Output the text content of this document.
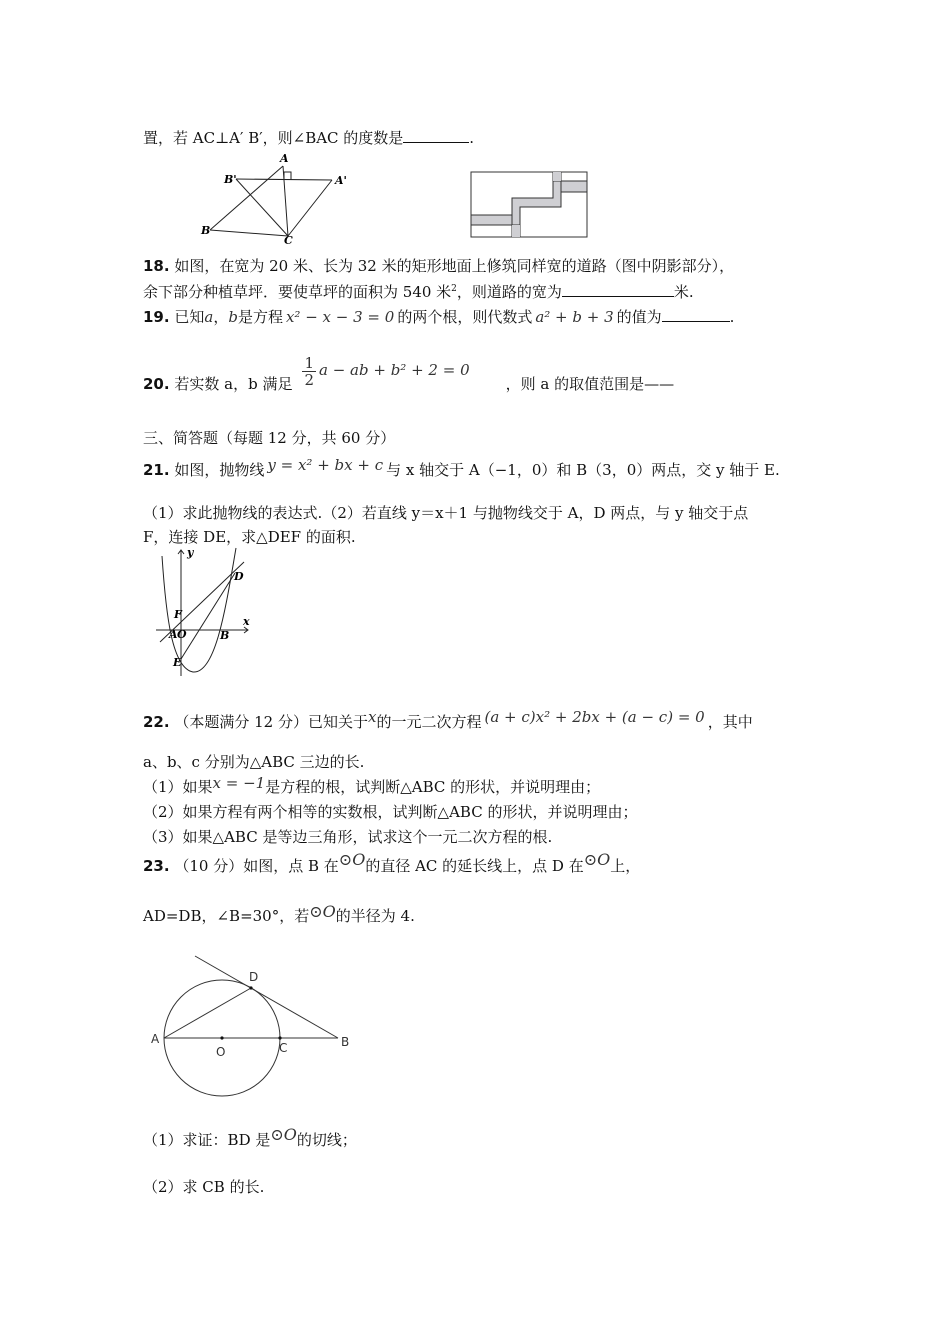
置，若 AC⊥A′ B′，则∠BAC 的度数是	.
A
B'	A'
B
C
18. 如图，在宽为 20 米、长为 32 米的矩形地面上修筑同样宽的道路（图中阴影部分），
余下部分种植草坪．要使草坪的面积为 540 米$^2$，则道路的宽为	米.
19. 已知a，b是方程 x² − x − 3 = 0 的两个根，则代数式 a² + b + 3 的值为	.
20. 若实数 a，b 满足 $\frac{1}{2}$ a − ab + b² + 2 = 0，则 a 的取值范围是——
三、简答题（每题 12 分，共 60 分）
21. 如图，抛物线 y = x² + bx + c 与 x 轴交于 A（−1，0）和 B（3，0）两点，交 y 轴于 E.
（1）求此抛物线的表达式.（2）若直线 y＝x＋1 与抛物线交于 A，D 两点，与 y 轴交于点
F，连接 DE，求△DEF 的面积.
y
x
D
F
A O	B
E
22. （本题满分 12 分）已知关于x的一元二次方程 (a + c)x² + 2bx + (a − c) = 0 ，其中
a、b、c 分别为△ABC 三边的长.
（1）如果x = −1是方程的根，试判断△ABC 的形状，并说明理由；
（2）如果方程有两个相等的实数根，试判断△ABC 的形状，并说明理由；
（3）如果△ABC 是等边三角形，试求这个一元二次方程的根.
23. （10 分）如图，点 B 在⊙O的直径 AC 的延长线上，点 D 在⊙O上，
AD=DB，∠B=30°，若⊙O的半径为 4.
A
O	C	B
D
（1）求证：BD 是⊙O的切线；
（2）求 CB 的长.
